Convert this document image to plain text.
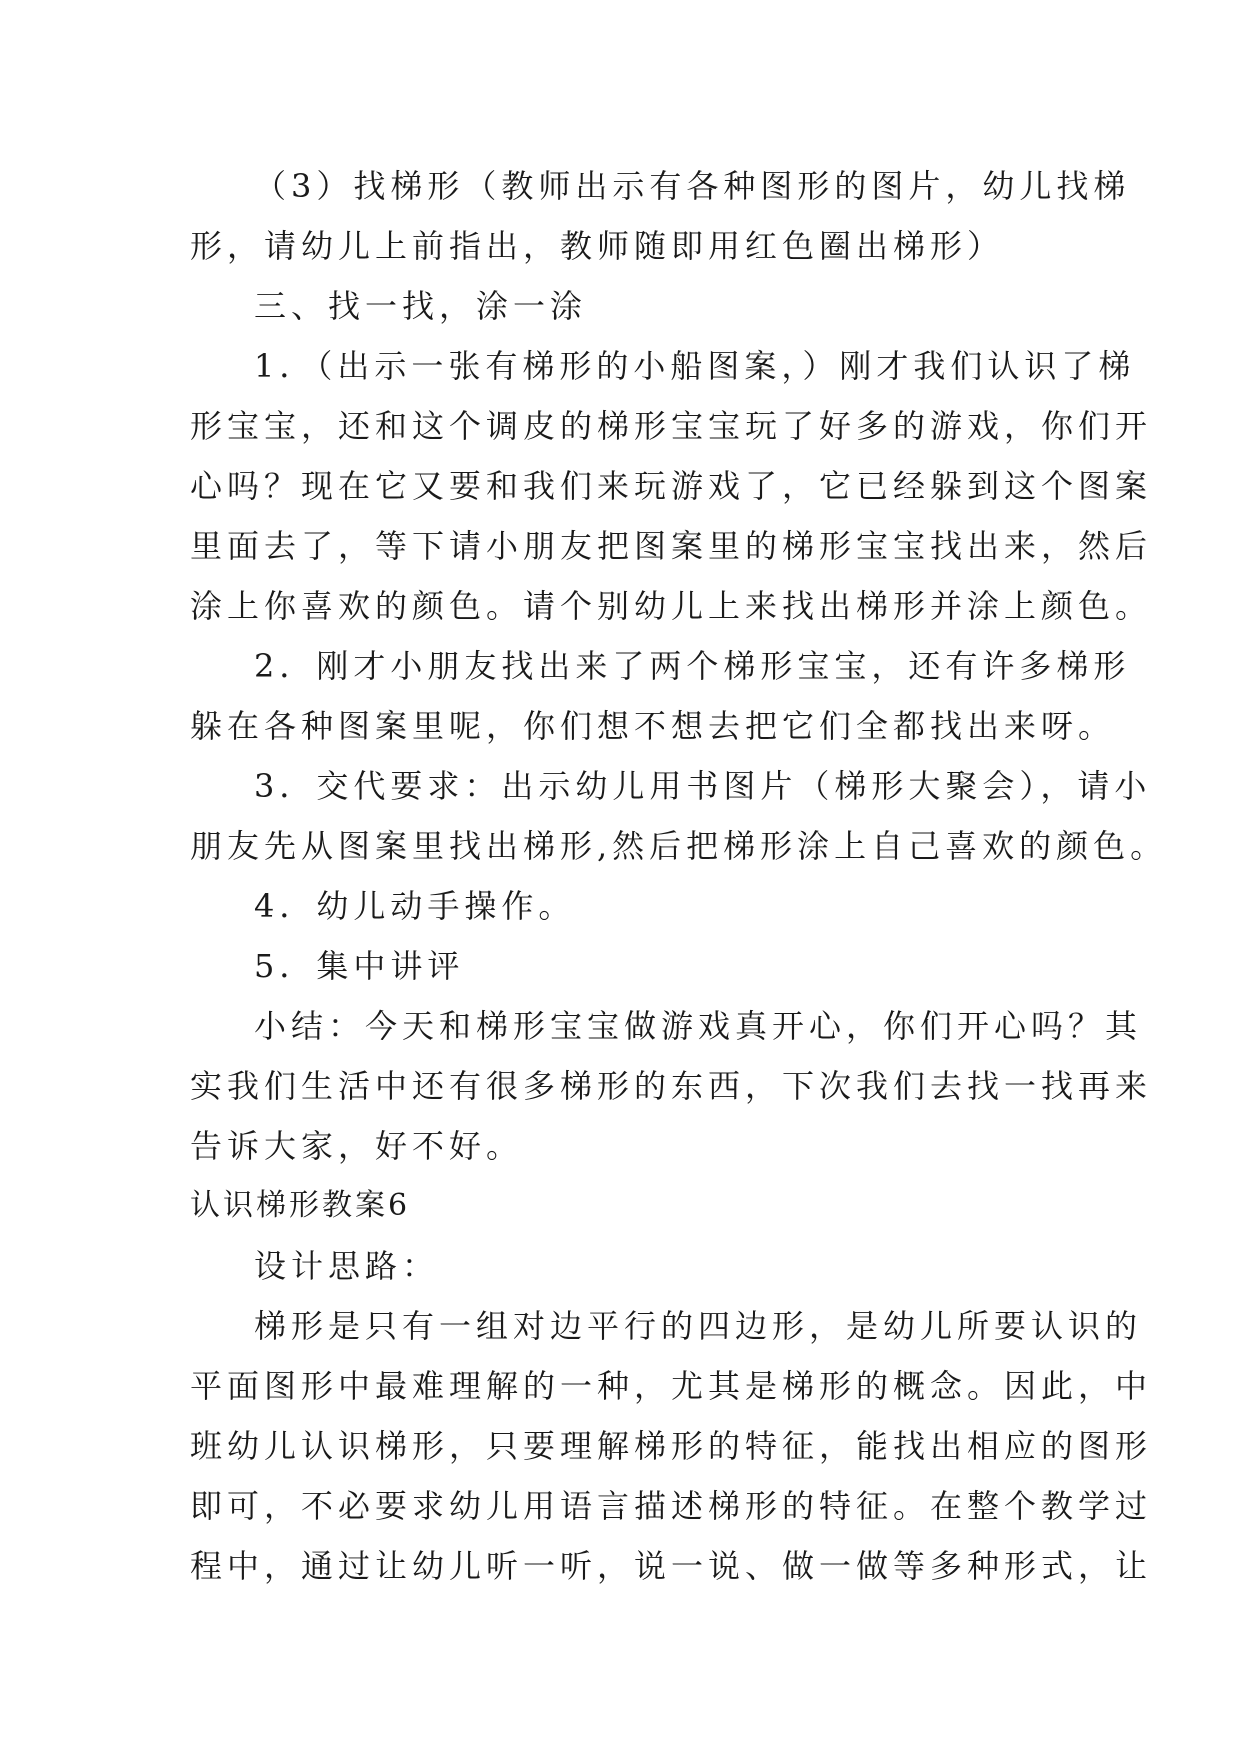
（3）找梯形（教师出示有各种图形的图片，幼儿找梯
形，请幼儿上前指出，教师随即用红色圈出梯形）
三、找一找，涂一涂
1．（出示一张有梯形的小船图案，）刚才我们认识了梯
形宝宝，还和这个调皮的梯形宝宝玩了好多的游戏，你们开
心吗？现在它又要和我们来玩游戏了，它已经躲到这个图案
里面去了，等下请小朋友把图案里的梯形宝宝找出来，然后
涂上你喜欢的颜色。请个别幼儿上来找出梯形并涂上颜色。
2．刚才小朋友找出来了两个梯形宝宝，还有许多梯形
躲在各种图案里呢，你们想不想去把它们全都找出来呀。
3．交代要求：出示幼儿用书图片（梯形大聚会），请小
朋友先从图案里找出梯形,然后把梯形涂上自己喜欢的颜色。
4．幼儿动手操作。
5．集中讲评
小结：今天和梯形宝宝做游戏真开心，你们开心吗？其
实我们生活中还有很多梯形的东西，下次我们去找一找再来
告诉大家，好不好。
认识梯形教案6
设计思路：
梯形是只有一组对边平行的四边形，是幼儿所要认识的
平面图形中最难理解的一种，尤其是梯形的概念。因此，中
班幼儿认识梯形，只要理解梯形的特征，能找出相应的图形
即可，不必要求幼儿用语言描述梯形的特征。在整个教学过
程中，通过让幼儿听一听，说一说、做一做等多种形式，让
